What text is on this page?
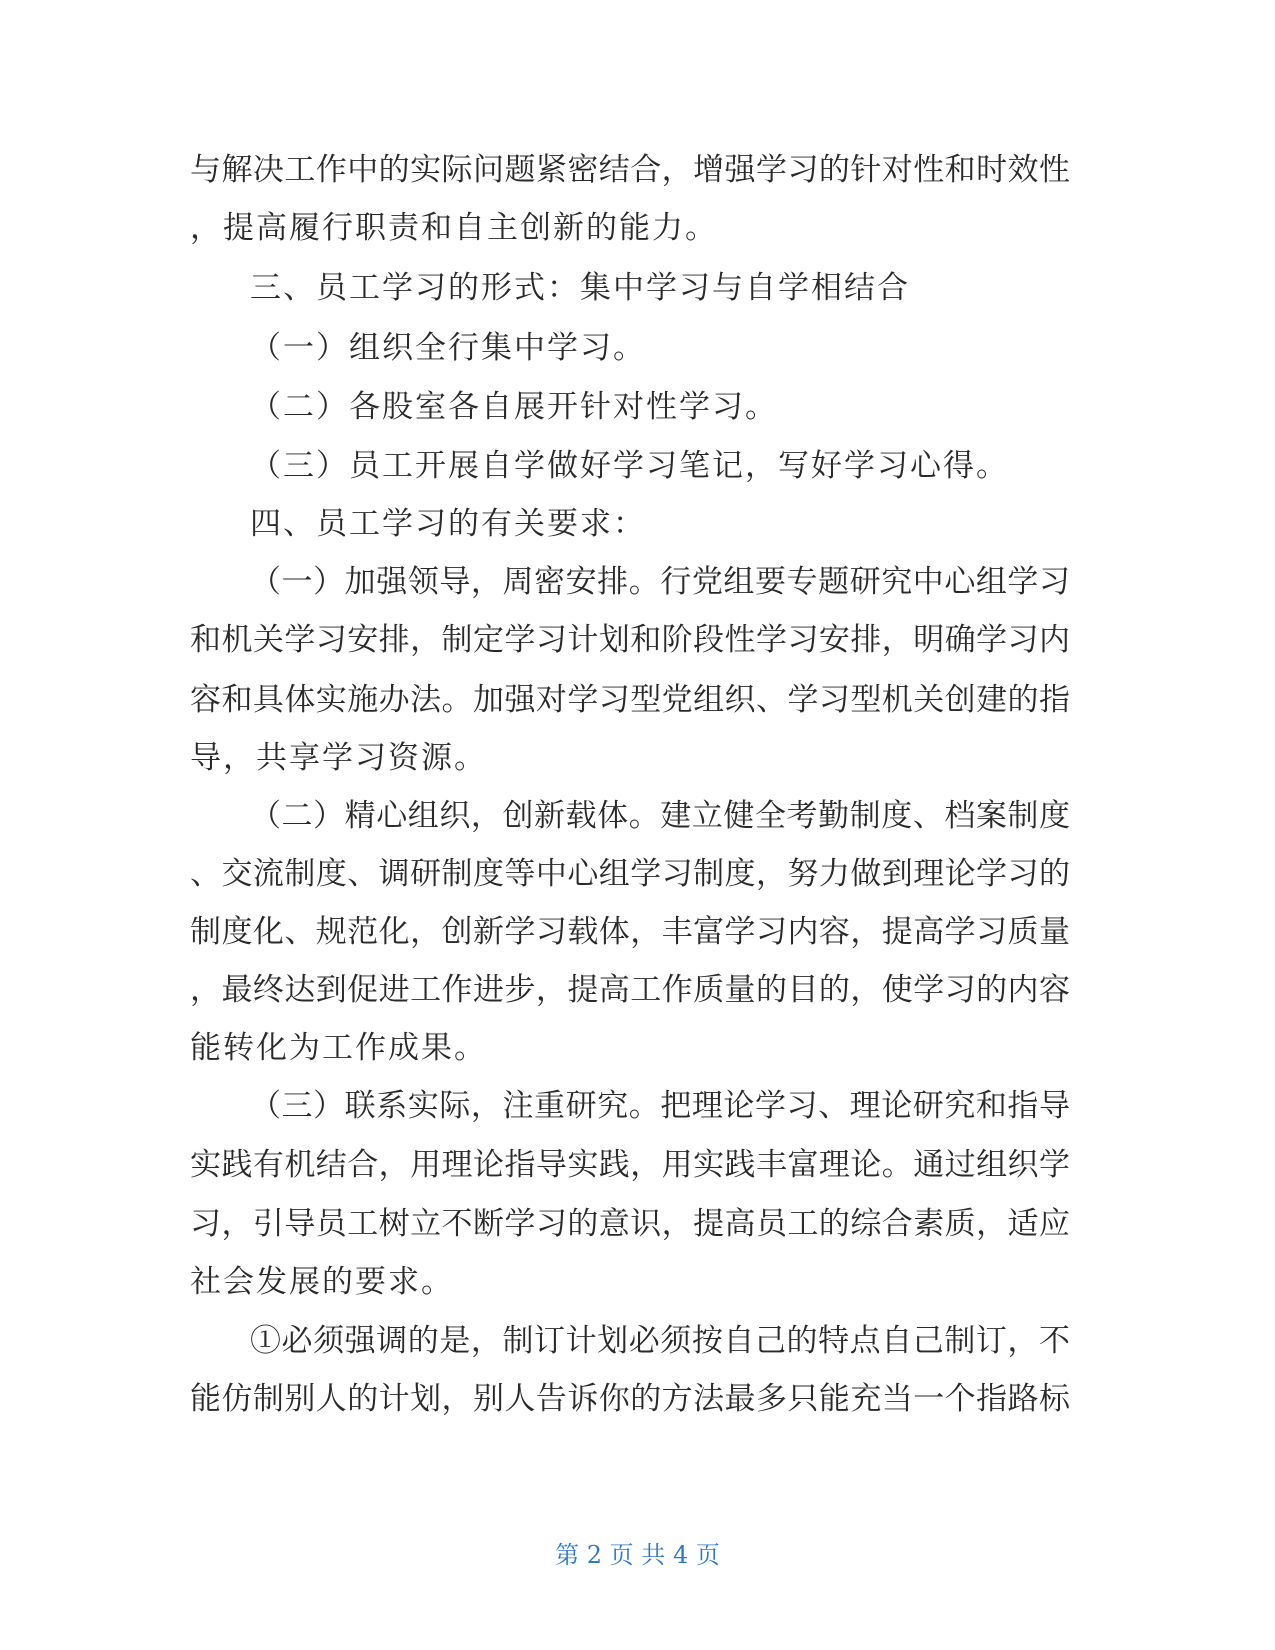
与解决工作中的实际问题紧密结合，增强学习的针对性和时效性
，提高履行职责和自主创新的能力。
三、员工学习的形式：集中学习与自学相结合
（一）组织全行集中学习。
（二）各股室各自展开针对性学习。
（三）员工开展自学做好学习笔记，写好学习心得。
四、员工学习的有关要求：
（一）加强领导，周密安排。行党组要专题研究中心组学习
和机关学习安排，制定学习计划和阶段性学习安排，明确学习内
容和具体实施办法。加强对学习型党组织、学习型机关创建的指
导，共享学习资源。
（二）精心组织，创新载体。建立健全考勤制度、档案制度
、交流制度、调研制度等中心组学习制度，努力做到理论学习的
制度化、规范化，创新学习载体，丰富学习内容，提高学习质量
，最终达到促进工作进步，提高工作质量的目的，使学习的内容
能转化为工作成果。
（三）联系实际，注重研究。把理论学习、理论研究和指导
实践有机结合，用理论指导实践，用实践丰富理论。通过组织学
习，引导员工树立不断学习的意识，提高员工的综合素质，适应
社会发展的要求。
①必须强调的是，制订计划必须按自己的特点自己制订，不
能仿制别人的计划，别人告诉你的方法最多只能充当一个指路标
第 2 页 共 4 页
